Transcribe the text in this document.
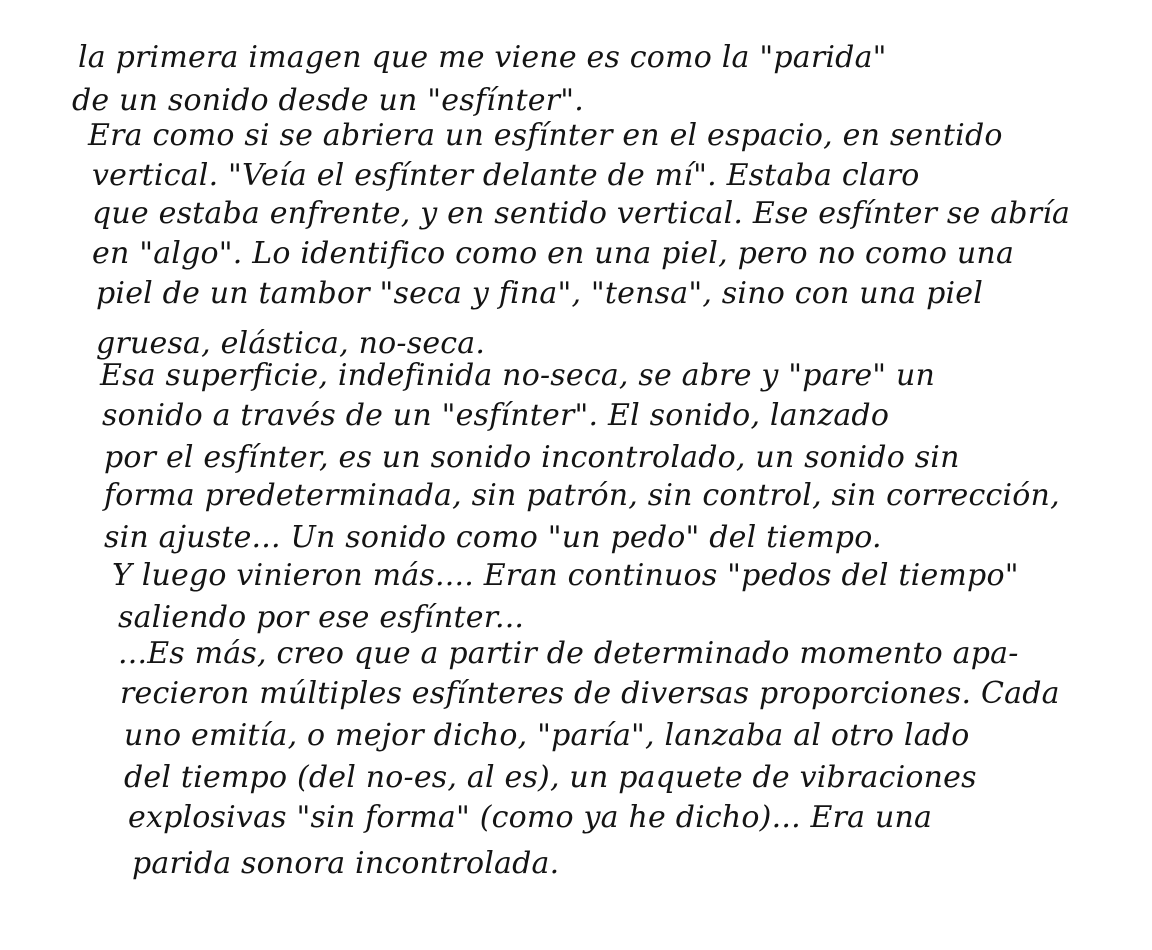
la primera imagen que me viene es como la "parida"
de un sonido desde un "esfínter".
Era como si se abriera un esfínter en el espacio, en sentido
vertical. "Veía el esfínter delante de mí". Estaba claro
que estaba enfrente, y en sentido vertical. Ese esfínter se abría
en "algo". Lo identifico como en una piel, pero no como una
piel de un tambor "seca y fina", "tensa", sino con una piel
gruesa, elástica, no-seca.
Esa superficie, indefinida no-seca, se abre y "pare" un
sonido a través de un "esfínter". El sonido, lanzado
por el esfínter, es un sonido incontrolado, un sonido sin
forma predeterminada, sin patrón, sin control, sin corrección,
sin ajuste... Un sonido como "un pedo" del tiempo.
Y luego vinieron más.... Eran continuos "pedos del tiempo"
saliendo por ese esfínter...
...Es más, creo que a partir de determinado momento apa-
recieron múltiples esfínteres de diversas proporciones. Cada
uno emitía, o mejor dicho, "paría", lanzaba al otro lado
del tiempo (del no-es, al es), un paquete de vibraciones
explosivas "sin forma" (como ya he dicho)... Era una
parida sonora incontrolada.
